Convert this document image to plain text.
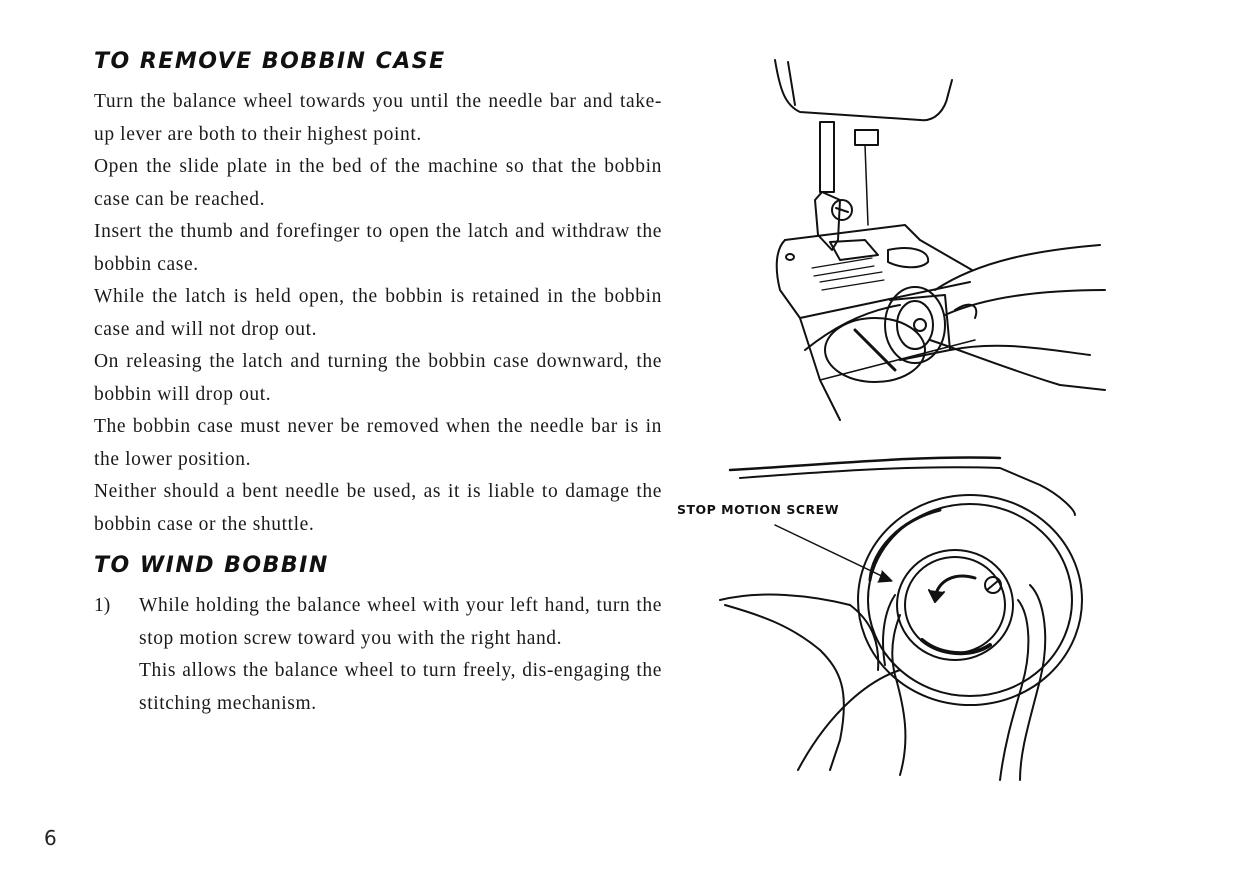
TO REMOVE BOBBIN CASE
Turn the balance wheel towards you until the needle bar and take-up lever are both to their highest point.
Open the slide plate in the bed of the machine so that the bobbin case can be reached.
Insert the thumb and forefinger to open the latch and withdraw the bobbin case.
While the latch is held open, the bobbin is retained in the bobbin case and will not drop out.
On releasing the latch and turning the bobbin case downward, the bobbin will drop out.
The bobbin case must never be removed when the needle bar is in the lower position.
Neither should a bent needle be used, as it is liable to damage the bobbin case or the shuttle.
TO WIND BOBBIN
1) While holding the balance wheel with your left hand, turn the stop motion screw toward you with the right hand.

This allows the balance wheel to turn freely, dis-engaging the stitching mechanism.

STOP MOTION SCREW
6
